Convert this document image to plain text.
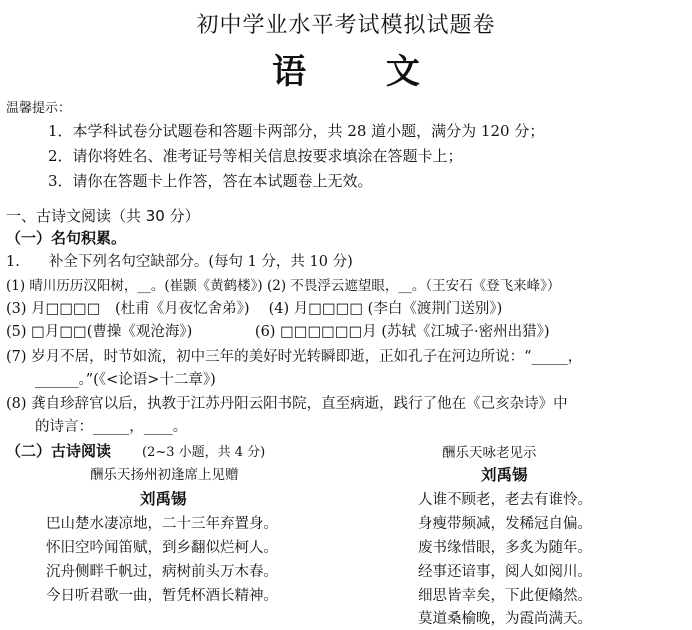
初中学业水平考试模拟试题卷
语 文
温馨提示：
1．本学科试卷分试题卷和答题卡两部分，共 28 道小题，满分为 120 分；
2．请你将姓名、准考证号等相关信息按要求填涂在答题卡上；
3．请你在答题卡上作答，答在本试题卷上无效。
一、古诗文阅读（共 30 分）
（一）名句积累。
1.　　补全下列名句空缺部分。(每句 1 分，共 10 分)
(1) 晴川历历汉阳树，__。(崔颢《黄鹤楼》) (2) 不畏浮云遮望眼，__。（王安石《登飞来峰》）
(3) 月□□□□　(杜甫《月夜忆舍弟》)　 (4) 月□□□□ (李白《渡荆门送别》)
(5) □月□□(曹操《观沧海》)　　　　 (6) □□□□□□月 (苏轼《江城子·密州出猎》)
(7) 岁月不居，时节如流，初中三年的美好时光转瞬即逝，正如孔子在河边所说：“_____，
　　______。”(《<论语>十二章》)
(8) 龚自珍辞官以后，执教于江苏丹阳云阳书院，直至病逝，践行了他在《己亥杂诗》中
　　的诗言：_____，____。
（二）古诗阅读 (2~3 小题，共 4 分)
酬乐天扬州初逢席上见赠
刘禹锡
巴山楚水凄凉地，二十三年弃置身。
怀旧空吟闻笛赋，到乡翻似烂柯人。
沉舟侧畔千帆过，病树前头万木春。
今日听君歌一曲，暂凭杯酒长精神。
酬乐天咏老见示
刘禹锡
人谁不顾老，老去有谁怜。
身瘦带频减，发稀冠自偏。
废书缘惜眼，多炙为随年。
经事还谙事，阅人如阅川。
细思皆幸矣，下此便翛然。
莫道桑榆晚，为霞尚满天。
